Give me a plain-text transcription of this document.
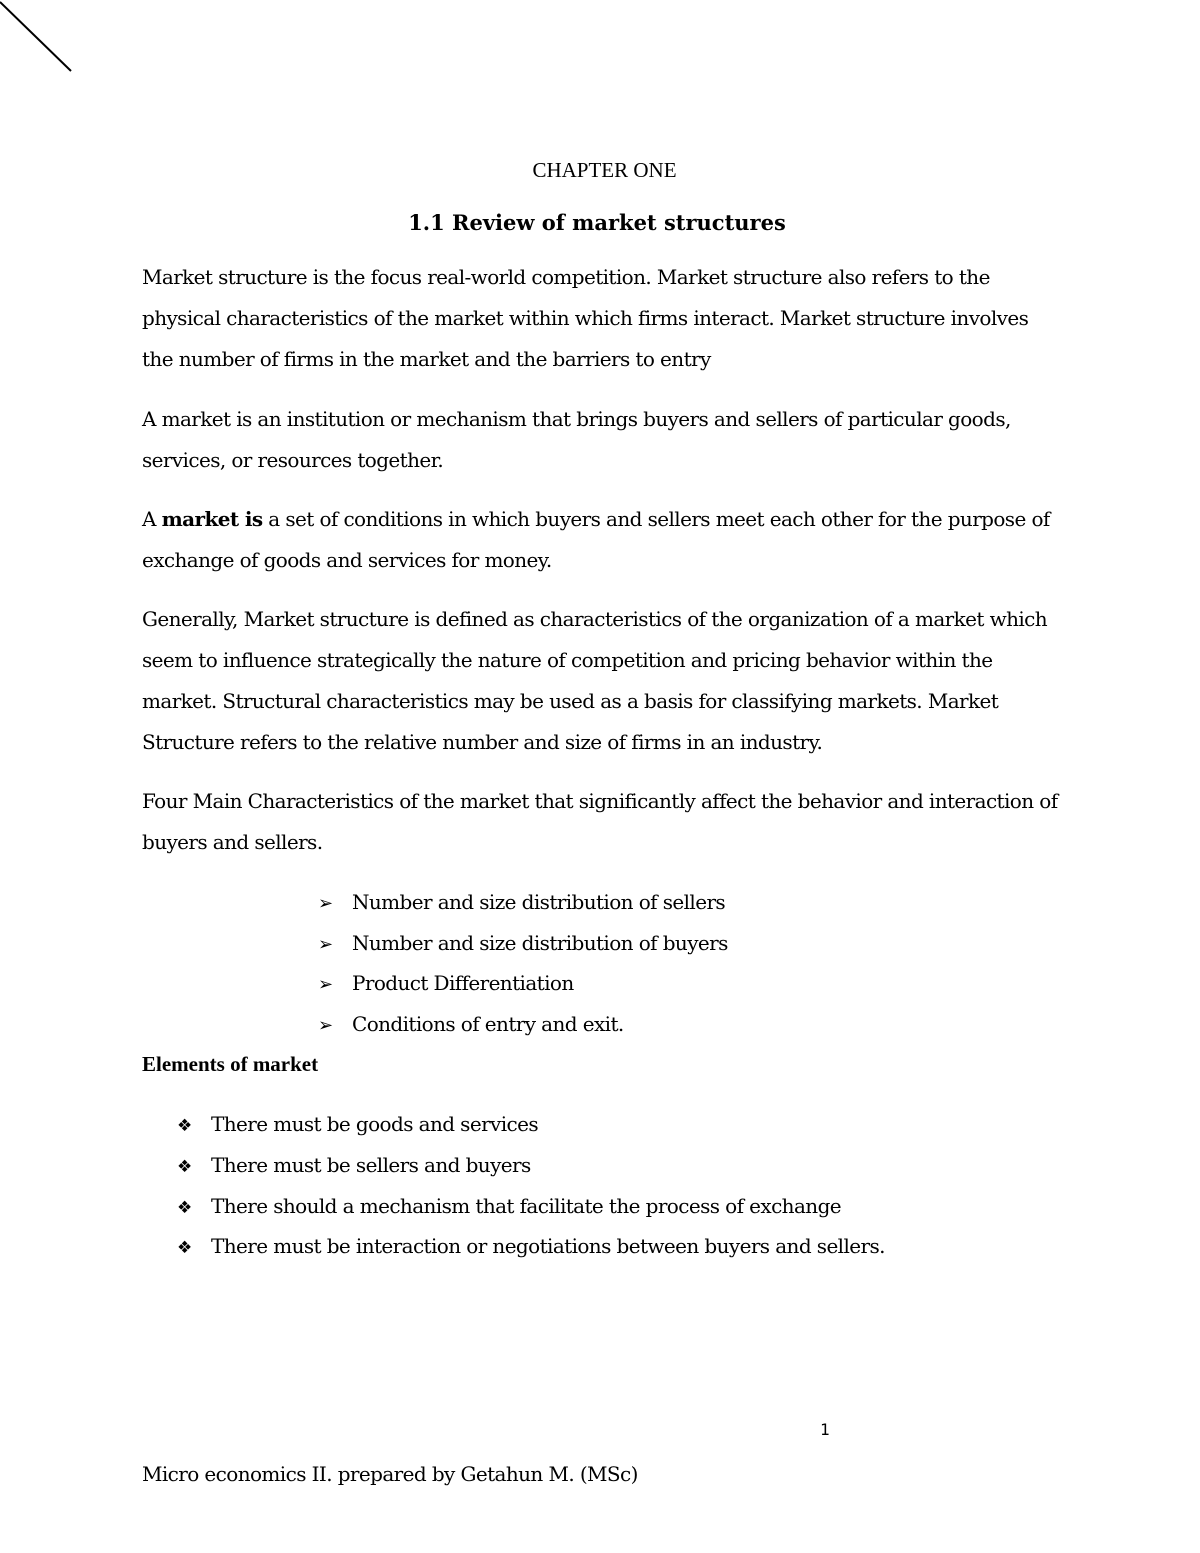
CHAPTER ONE
1.1 Review of market structures

Market structure is the focus real-world competition. Market structure also refers to the physical characteristics of the market within which firms interact. Market structure involves the number of firms in the market and the barriers to entry

A market is an institution or mechanism that brings buyers and sellers of particular goods, services, or resources together.

A market is a set of conditions in which buyers and sellers meet each other for the purpose of exchange of goods and services for money.

Generally, Market structure is defined as characteristics of the organization of a market which seem to influence strategically the nature of competition and pricing behavior within the market. Structural characteristics may be used as a basis for classifying markets. Market Structure refers to the relative number and size of firms in an industry.

Four Main Characteristics of the market that significantly affect the behavior and interaction of buyers and sellers.

➢ Number and size distribution of sellers
➢ Number and size distribution of buyers
➢ Product Differentiation
➢ Conditions of entry and exit.
Elements of market
❖ There must be goods and services
❖ There must be sellers and buyers
❖ There should a mechanism that facilitate the process of exchange
❖ There must be interaction or negotiations between buyers and sellers.
1
Micro economics II. prepared by Getahun M. (MSc)
